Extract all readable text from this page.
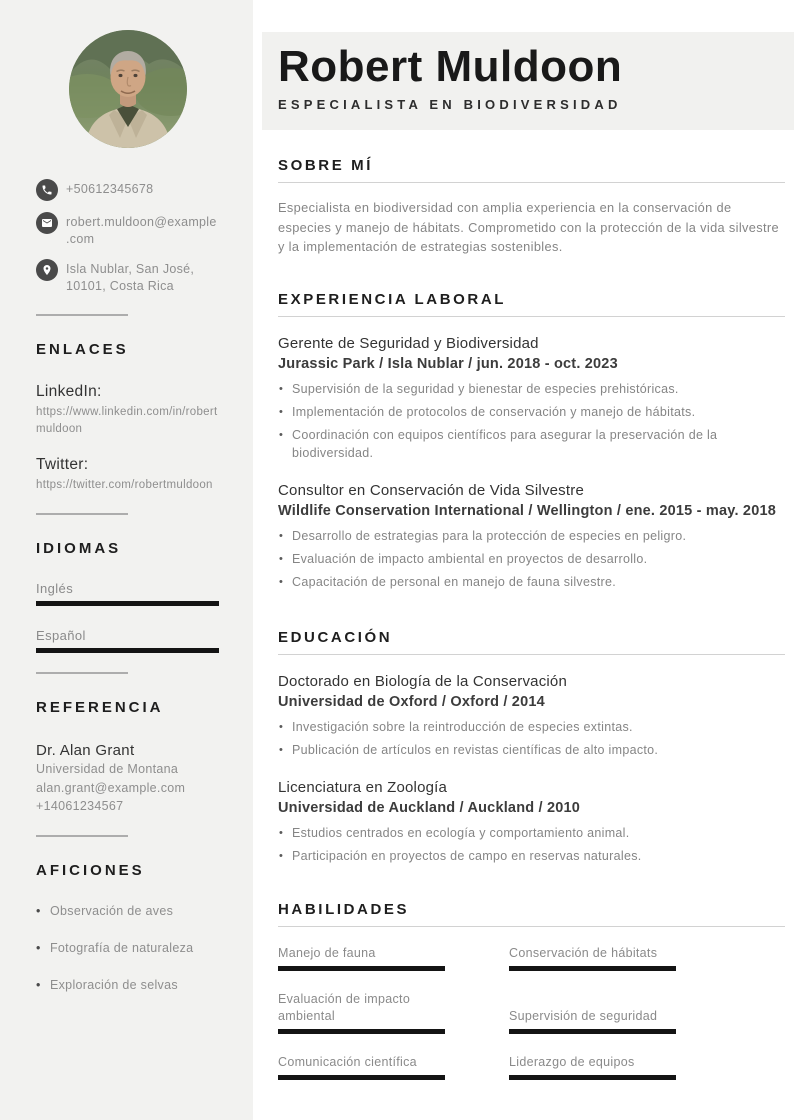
+50612345678
robert.muldoon@example.com
Isla Nublar, San José, 10101, Costa Rica
ENLACES
LinkedIn:
https://www.linkedin.com/in/robertmuldoon
Twitter:
https://twitter.com/robertmuldoon
IDIOMAS
Inglés
Español
REFERENCIA
Dr. Alan Grant
Universidad de Montana
alan.grant@example.com
+14061234567
AFICIONES
• Observación de aves
• Fotografía de naturaleza
• Exploración de selvas
Robert Muldoon
ESPECIALISTA EN BIODIVERSIDAD
SOBRE MÍ
Especialista en biodiversidad con amplia experiencia en la conservación de especies y manejo de hábitats. Comprometido con la protección de la vida silvestre y la implementación de estrategias sostenibles.
EXPERIENCIA LABORAL
Gerente de Seguridad y Biodiversidad
Jurassic Park / Isla Nublar / jun. 2018 - oct. 2023
• Supervisión de la seguridad y bienestar de especies prehistóricas.
• Implementación de protocolos de conservación y manejo de hábitats.
• Coordinación con equipos científicos para asegurar la preservación de la biodiversidad.
Consultor en Conservación de Vida Silvestre
Wildlife Conservation International / Wellington / ene. 2015 - may. 2018
• Desarrollo de estrategias para la protección de especies en peligro.
• Evaluación de impacto ambiental en proyectos de desarrollo.
• Capacitación de personal en manejo de fauna silvestre.
EDUCACIÓN
Doctorado en Biología de la Conservación
Universidad de Oxford / Oxford / 2014
• Investigación sobre la reintroducción de especies extintas.
• Publicación de artículos en revistas científicas de alto impacto.
Licenciatura en Zoología
Universidad de Auckland / Auckland / 2010
• Estudios centrados en ecología y comportamiento animal.
• Participación en proyectos de campo en reservas naturales.
HABILIDADES
Manejo de fauna	Conservación de hábitats
Evaluación de impacto ambiental	Supervisión de seguridad
Comunicación científica	Liderazgo de equipos
